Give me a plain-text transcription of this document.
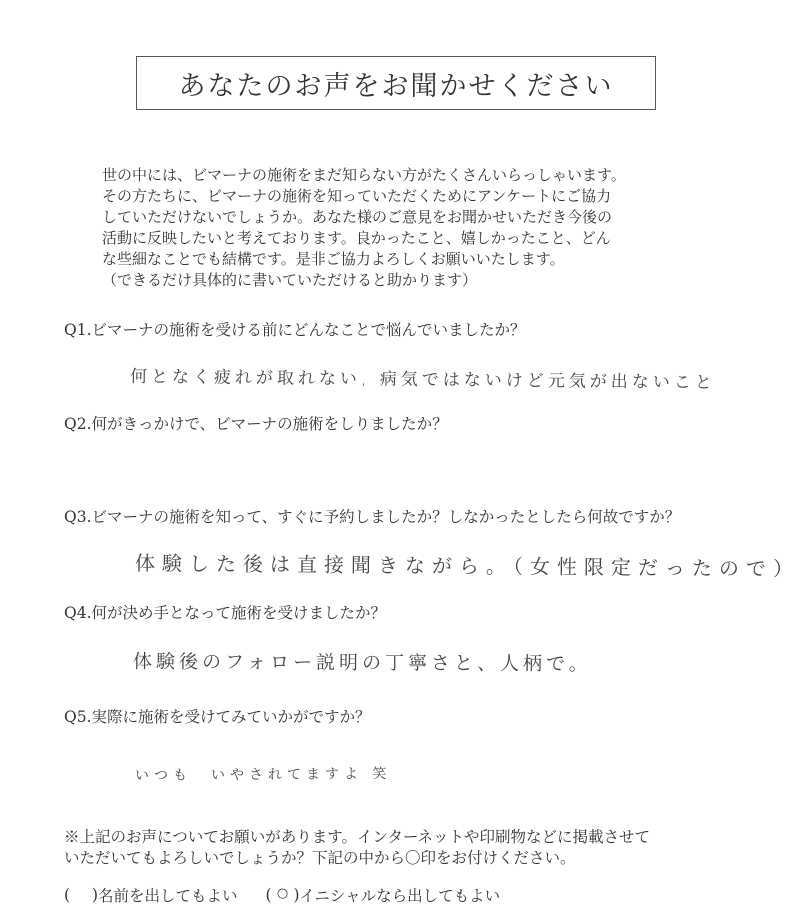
あなたのお声をお聞かせください
世の中には、ビマーナの施術をまだ知らない方がたくさんいらっしゃいます。
その方たちに、ビマーナの施術を知っていただくためにアンケートにご協力
していただけないでしょうか。あなた様のご意見をお聞かせいただき今後の
活動に反映したいと考えております。良かったこと、嬉しかったこと、どん
な些細なことでも結構です。是非ご協力よろしくお願いいたします。
（できるだけ具体的に書いていただけると助かります）
Q1.ビマーナの施術を受ける前にどんなことで悩んでいましたか？
何となく疲れが取れない, 病気ではないけど元気が出ないこと
Q2.何がきっかけで、ビマーナの施術をしりましたか？
Q3.ビマーナの施術を知って、すぐに予約しましたか？しなかったとしたら何故ですか？
体験した後は直接聞きながら。（女性限定だったので）
Q4.何が決め手となって施術を受けましたか？
体験後のフォロー説明の丁寧さと、人柄で。
Q5.実際に施術を受けてみていかがですか？
いつも　いやされてますよ 笑
※上記のお声についてお願いがあります。インターネットや印刷物などに掲載させて
いただいてもよろしいでしょうか？下記の中から〇印をお付けください。
( ) 名前を出してもよい ( ○ ) イニシャルなら出してもよい
